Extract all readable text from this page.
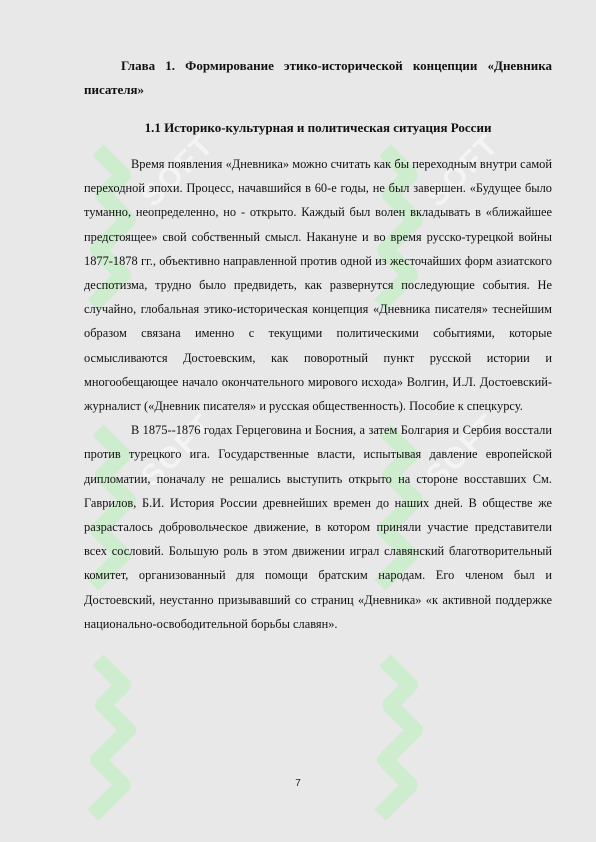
SOFT	SOFT
SOFT	SOFT
Глава 1. Формирование этико-исторической концепции «Дневника писателя»
1.1 Историко-культурная и политическая ситуация России

Время появления «Дневника» можно считать как бы переходным внутри самой переходной эпохи. Процесс, начавшийся в 60-е годы, не был завершен. «Будущее было туманно, неопределенно, но - открыто. Каждый был волен вкладывать в «ближайшее предстоящее» свой собственный смысл. Накануне и во время русско-турецкой войны 1877-1878 гг., объективно направленной против одной из жесточайших форм азиатского деспотизма, трудно было предвидеть, как развернутся последующие события. Не случайно, глобальная этико-историческая концепция «Дневника писателя» теснейшим образом связана именно с текущими политическими событиями, которые осмысливаются Достоевским, как поворотный пункт русской истории и многообещающее начало окончательного мирового исхода» Волгин, И.Л. Достоевский-журналист («Дневник писателя» и русская общественность). Пособие к спецкурсу.

В 1875--1876 годах Герцеговина и Босния, а затем Болгария и Сербия восстали против турецкого ига. Государственные власти, испытывая давление европейской дипломатии, поначалу не решались выступить открыто на стороне восставших См. Гаврилов, Б.И. История России древнейших времен до наших дней. В обществе же разрасталось добровольческое движение, в котором приняли участие представители всех сословий. Большую роль в этом движении играл славянский благотворительный комитет, организованный для помощи братским народам. Его членом был и Достоевский, неустанно призывавший со страниц «Дневника» «к активной поддержке национально-освободительной борьбы славян».

7
